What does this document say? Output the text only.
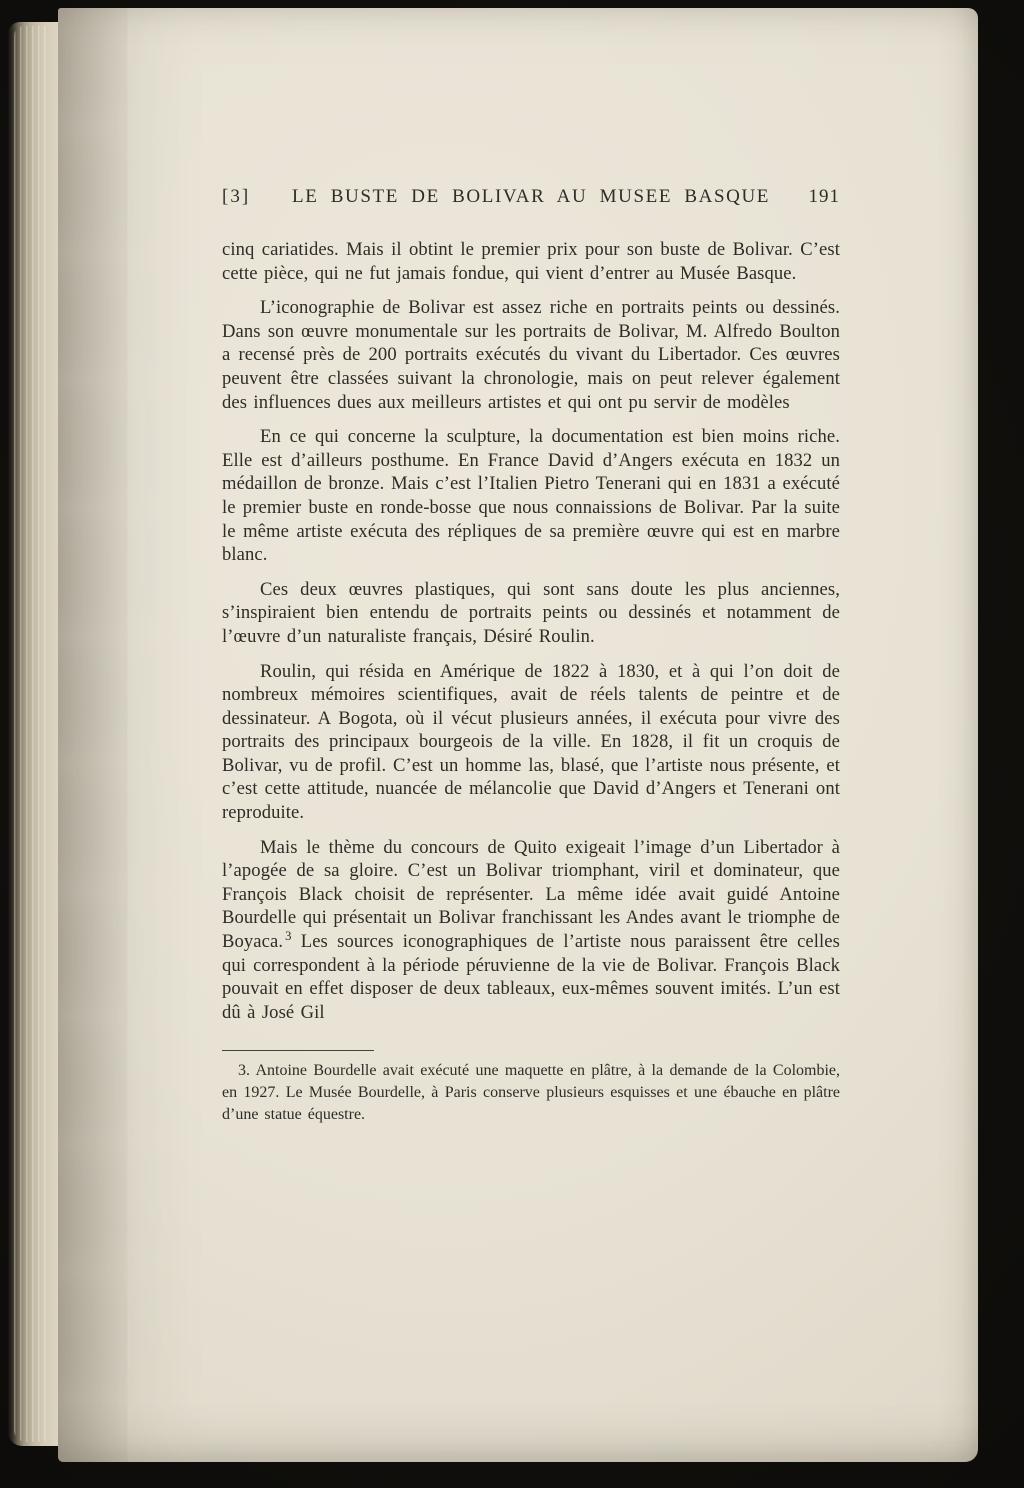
[3]	LE BUSTE DE BOLIVAR AU MUSEE BASQUE	191

cinq cariatides. Mais il obtint le premier prix pour son buste de Bolivar. C’est cette pièce, qui ne fut jamais fondue, qui vient d’entrer au Musée Basque.

L’iconographie de Bolivar est assez riche en portraits peints ou dessinés. Dans son œuvre monumentale sur les portraits de Bolivar, M. Alfredo Boulton a recensé près de 200 portraits exécutés du vivant du Libertador. Ces œuvres peuvent être classées suivant la chronologie, mais on peut relever également des influences dues aux meilleurs artistes et qui ont pu servir de modèles

En ce qui concerne la sculpture, la documentation est bien moins riche. Elle est d’ailleurs posthume. En France David d’Angers exécuta en 1832 un médaillon de bronze. Mais c’est l’Italien Pietro Tenerani qui en 1831 a exécuté le premier buste en ronde-bosse que nous connaissions de Bolivar. Par la suite le même artiste exécuta des répliques de sa première œuvre qui est en marbre blanc.

Ces deux œuvres plastiques, qui sont sans doute les plus anciennes, s’inspiraient bien entendu de portraits peints ou dessinés et notamment de l’œuvre d’un naturaliste français, Désiré Roulin.

Roulin, qui résida en Amérique de 1822 à 1830, et à qui l’on doit de nombreux mémoires scientifiques, avait de réels talents de peintre et de dessinateur. A Bogota, où il vécut plusieurs années, il exécuta pour vivre des portraits des principaux bourgeois de la ville. En 1828, il fit un croquis de Bolivar, vu de profil. C’est un homme las, blasé, que l’artiste nous présente, et c’est cette attitude, nuancée de mélancolie que David d’Angers et Tenerani ont reproduite.

Mais le thème du concours de Quito exigeait l’image d’un Libertador à l’apogée de sa gloire. C’est un Bolivar triomphant, viril et dominateur, que François Black choisit de représenter. La même idée avait guidé Antoine Bourdelle qui présentait un Bolivar franchissant les Andes avant le triomphe de Boyaca. $^3$ Les sources iconographiques de l’artiste nous paraissent être celles qui correspondent à la période péruvienne de la vie de Bolivar. François Black pouvait en effet disposer de deux tableaux, eux-mêmes souvent imités. L’un est dû à José Gil

3. Antoine Bourdelle avait exécuté une maquette en plâtre, à la demande de la Colombie, en 1927. Le Musée Bourdelle, à Paris conserve plusieurs esquisses et une ébauche en plâtre d’une statue équestre.
